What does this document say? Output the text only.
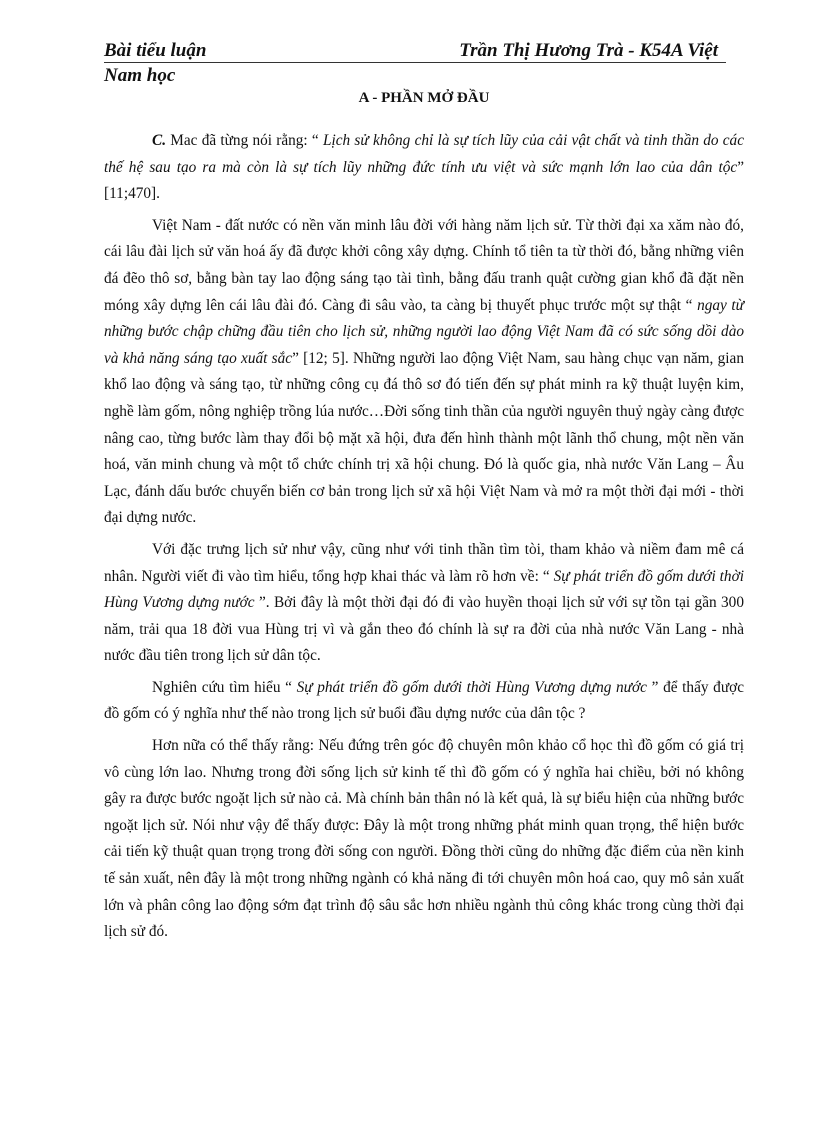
Bài tiểu luận
Nam học
Trần Thị Hương Trà - K54A Việt
A - PHẦN MỞ ĐẦU

C. Mac đã từng nói rằng: “ Lịch sử không chỉ là sự tích lũy của cải vật chất và tinh thần do các thế hệ sau tạo ra mà còn là sự tích lũy những đức tính ưu việt và sức mạnh lớn lao của dân tộc” [11;470].

Việt Nam - đất nước có nền văn minh lâu đời với hàng năm lịch sử. Từ thời đại xa xăm nào đó, cái lâu đài lịch sử văn hoá ấy đã được khởi công xây dựng. Chính tổ tiên ta từ thời đó, bằng những viên đá đẽo thô sơ, bằng bàn tay lao động sáng tạo tài tình, bằng đấu tranh quật cường gian khổ đã đặt nền móng xây dựng lên cái lâu đài đó. Càng đi sâu vào, ta càng bị thuyết phục trước một sự thật “ ngay từ những bước chập chững đầu tiên cho lịch sử, những người lao động Việt Nam đã có sức sống dồi dào và khả năng sáng tạo xuất sắc” [12; 5]. Những người lao động Việt Nam, sau hàng chục vạn năm, gian khổ lao động và sáng tạo, từ những công cụ đá thô sơ đó tiến đến sự phát minh ra kỹ thuật luyện kim, nghề làm gốm, nông nghiệp trồng lúa nước…Đời sống tinh thần của người nguyên thuỷ ngày càng được nâng cao, từng bước làm thay đổi bộ mặt xã hội, đưa đến hình thành một lãnh thổ chung, một nền văn hoá, văn minh chung và một tổ chức chính trị xã hội chung. Đó là quốc gia, nhà nước Văn Lang – Âu Lạc, đánh dấu bước chuyển biến cơ bản trong lịch sử xã hội Việt Nam và mở ra một thời đại mới - thời đại dựng nước.

Với đặc trưng lịch sử như vậy, cũng như với tinh thần tìm tòi, tham khảo và niềm đam mê cá nhân. Người viết đi vào tìm hiểu, tổng hợp khai thác và làm rõ hơn về: “ Sự phát triển đồ gốm dưới thời Hùng Vương dựng nước ”. Bởi đây là một thời đại đó đi vào huyền thoại lịch sử với sự tồn tại gần 300 năm, trải qua 18 đời vua Hùng trị vì và gắn theo đó chính là sự ra đời của nhà nước Văn Lang - nhà nước đầu tiên trong lịch sử dân tộc.

Nghiên cứu tìm hiểu “ Sự phát triển đồ gốm dưới thời Hùng Vương dựng nước ” để thấy được đồ gốm có ý nghĩa như thế nào trong lịch sử buổi đầu dựng nước của dân tộc ?

Hơn nữa có thể thấy rằng: Nếu đứng trên góc độ chuyên môn khảo cổ học thì đồ gốm có giá trị vô cùng lớn lao. Nhưng trong đời sống lịch sử kinh tế thì đồ gốm có ý nghĩa hai chiều, bởi nó không gây ra được bước ngoặt lịch sử nào cả. Mà chính bản thân nó là kết quả, là sự biểu hiện của những bước ngoặt lịch sử. Nói như vậy để thấy được: Đây là một trong những phát minh quan trọng, thể hiện bước cải tiến kỹ thuật quan trọng trong đời sống con người. Đồng thời cũng do những đặc điểm của nền kinh tế sản xuất, nên đây là một trong những ngành có khả năng đi tới chuyên môn hoá cao, quy mô sản xuất lớn và phân công lao động sớm đạt trình độ sâu sắc hơn nhiều ngành thủ công khác trong cùng thời đại lịch sử đó.
